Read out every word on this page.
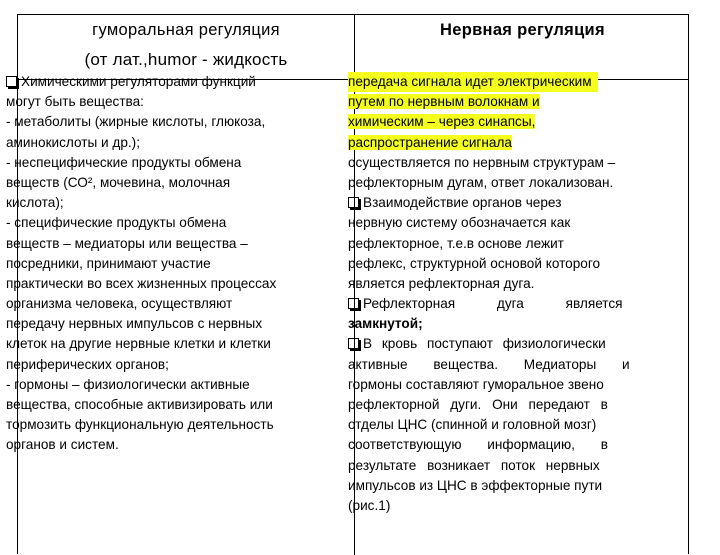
гуморальная регуляция
(от лат.,humor - жидкость
Нервная регуляция
Химическими регуляторами функций
могут быть вещества:
- метаболиты (жирные кислоты, глюкоза,
аминокислоты и др.);
- неспецифические продукты обмена
веществ (СО², мочевина, молочная
кислота);
- специфические продукты обмена
веществ – медиаторы или вещества –
посредники, принимают участие
практически во всех жизненных процессах
организма человека, осуществляют
передачу нервных импульсов с нервных
клеток на другие нервные клетки и клетки
периферических органов;
- гормоны – физиологически активные
вещества, способные активизировать или
тормозить функциональную деятельность
органов и систем.
передача сигнала идет электрическим
путем по нервным волокнам и
химическим – через синапсы,
распространение сигнала
осуществляется по нервным структурам –
рефлекторным дугам, ответ локализован.
Взаимодействие органов через
нервную систему обозначается как
рефлекторное, т.е.в основе лежит
рефлекс, структурной основой которого
является рефлекторная дуга.
Рефлекторная дуга является
замкнутой;
В кровь поступают физиологически
активные вещества. Медиаторы и
гормоны составляют гуморальное звено
рефлекторной дуги. Они передают в
отделы ЦНС (спинной и головной мозг)
соответствующую информацию, в
результате возникает поток нервных
импульсов из ЦНС в эффекторные пути
(рис.1)
